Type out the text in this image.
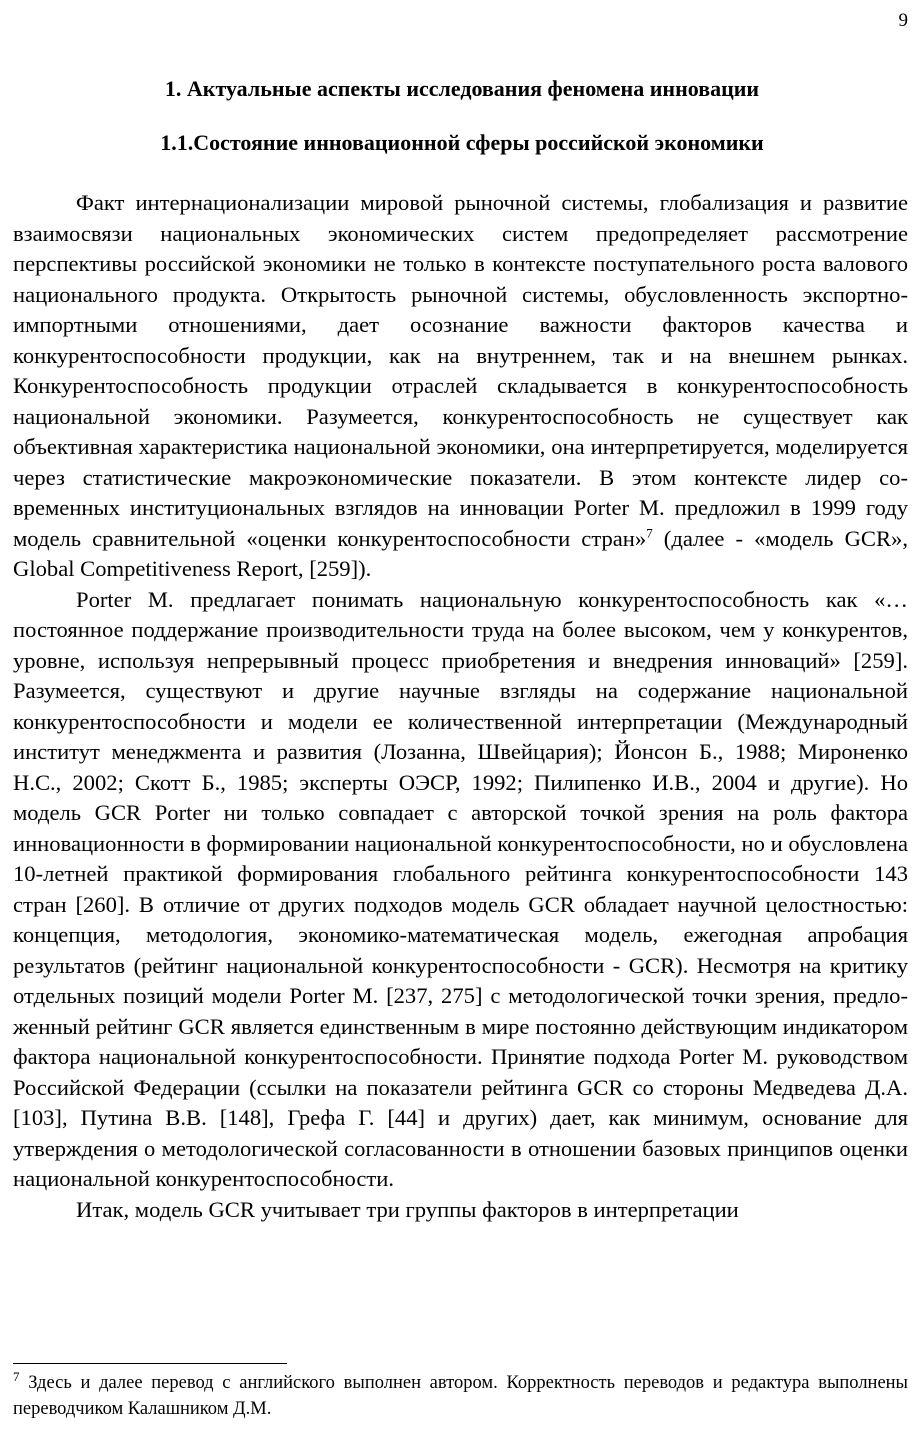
9
1. Актуальные аспекты исследования феномена инновации
1.1.Состояние инновационной сферы российской экономики

Факт интернационализации мировой рыночной системы, глобализация и развитие взаимосвязи национальных экономических систем предопределяет рассмотрение перспективы российской экономики не только в контексте поступательного роста валового национального продукта. Открытость рыночной системы, обусловленность экспортно-импортными отношениями, дает осознание важности факторов качества и конкурентоспособности продукции, как на внутреннем, так и на внешнем рынках. Конкурентоспособность продукции отраслей складывается в конкурентоспособность национальной экономики. Разумеется, конкурентоспособность не существует как объективная характеристика национальной экономики, она интерпретируется, моделируется через статистические макроэкономические показатели. В этом контексте лидер современных институциональных взглядов на инновации Porter М. предложил в 1999 году модель сравнительной «оценки конкурентоспособности стран»$^7$ (далее - «модель GCR», Global Competitiveness Report, [259]).

Porter М. предлагает понимать национальную конкурентоспособность как «…постоянное поддержание производительности труда на более высоком, чем у конкурентов, уровне, используя непрерывный процесс приобретения и внедрения инноваций» [259]. Разумеется, существуют и другие научные взгляды на содержание национальной конкурентоспособности и модели ее количественной интерпретации (Международный институт менеджмента и развития (Лозанна, Швейцария); Йонсон Б., 1988; Мироненко Н.С., 2002; Скотт Б., 1985; эксперты ОЭСР, 1992; Пилипенко И.В., 2004 и другие). Но модель GCR Porter ни только совпадает с авторской точкой зрения на роль фактора инновационности в формировании национальной конкурентоспособности, но и обусловлена 10-летней практикой формирования глобального рейтинга конкурентоспособности 143 стран [260]. В отличие от других подходов модель GCR обладает научной целостностью: концепция, методология, экономико-математическая модель, ежегодная апробация результатов (рейтинг национальной конкурентоспособности - GCR). Несмотря на критику отдельных позиций модели Porter М. [237, 275] с методологической точки зрения, предложенный рейтинг GCR является единственным в мире постоянно действующим индикатором фактора национальной конкурентоспособности. Принятие подхода Porter М. руководством Российской Федерации (ссылки на показатели рейтинга GCR со стороны Медведева Д.А. [103], Путина В.В. [148], Грефа Г. [44] и других) дает, как минимум, основание для утверждения о методологической согласованности в отношении базовых принципов оценки национальной конкурентоспособности.

Итак, модель GCR учитывает три группы факторов в интерпретации

$^7$ Здесь и далее перевод с английского выполнен автором. Корректность переводов и редактура выполнены переводчиком Калашником Д.М.
